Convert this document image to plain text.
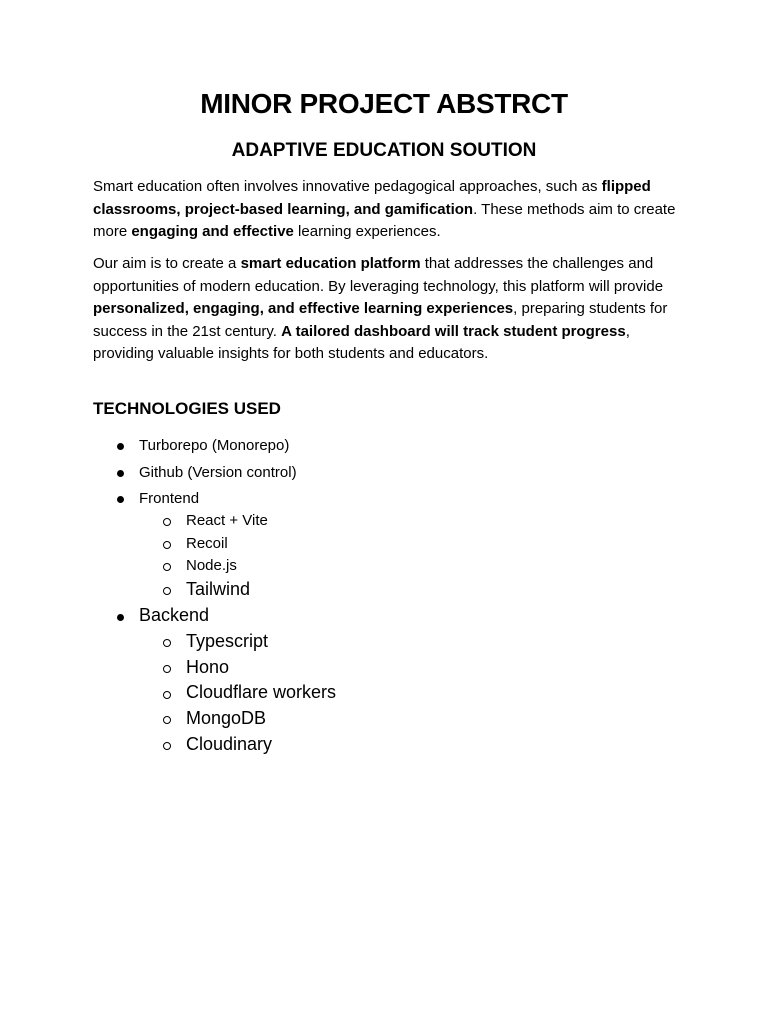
MINOR PROJECT ABSTRCT
ADAPTIVE EDUCATION SOUTION

Smart education often involves innovative pedagogical approaches, such as flipped classrooms, project-based learning, and gamification. These methods aim to create more engaging and effective learning experiences.

Our aim is to create a smart education platform that addresses the challenges and opportunities of modern education. By leveraging technology, this platform will provide personalized, engaging, and effective learning experiences, preparing students for success in the 21st century. A tailored dashboard will track student progress, providing valuable insights for both students and educators.

TECHNOLOGIES USED
Turborepo (Monorepo)
Github (Version control)
Frontend
React + Vite
Recoil
Node.js
Tailwind
Backend
Typescript
Hono
Cloudflare workers
MongoDB
Cloudinary
